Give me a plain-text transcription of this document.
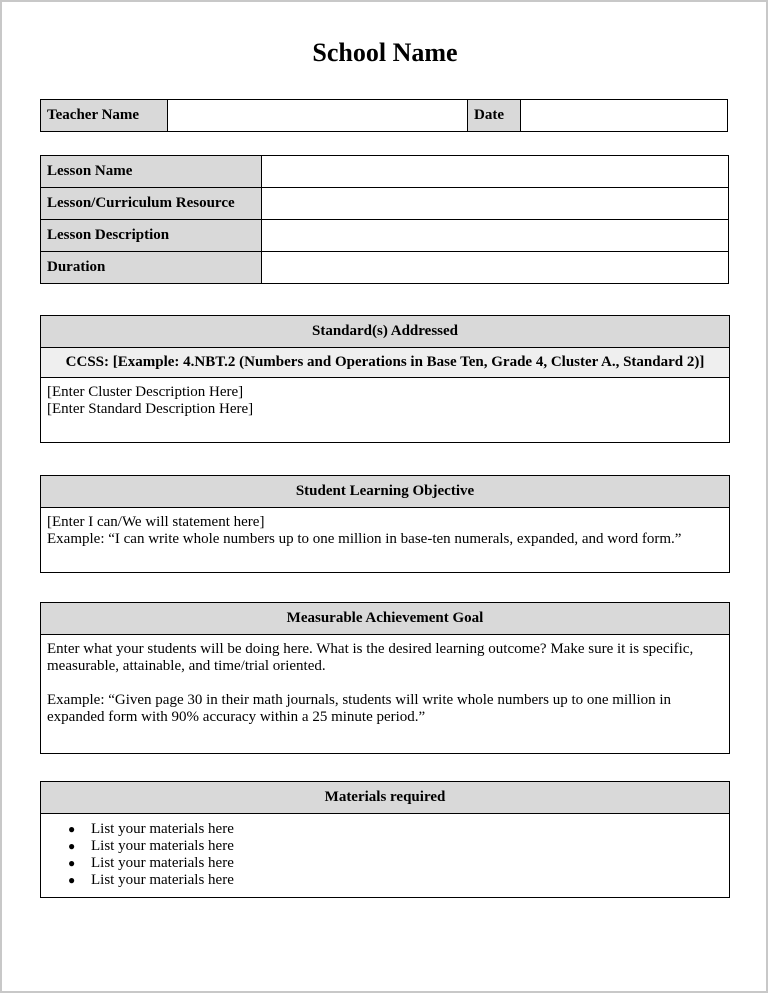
School Name
Teacher Name		Date	
Lesson Name	
Lesson/Curriculum Resource	
Lesson Description	
Duration	
Standard(s) Addressed
CCSS: [Example: 4.NBT.2 (Numbers and Operations in Base Ten, Grade 4, Cluster A., Standard 2)]

[Enter Cluster Description Here]
[Enter Standard Description Here]
Student Learning Objective

[Enter I can/We will statement here]
Example: “I can write whole numbers up to one million in base-ten numerals, expanded, and word form.”
Measurable Achievement Goal

Enter what your students will be doing here. What is the desired learning outcome? Make sure it is specific, measurable, attainable, and time/trial oriented.
Example: “Given page 30 in their math journals, students will write whole numbers up to one million in expanded form with 90% accuracy within a 25 minute period.”
Materials required

● List your materials here
● List your materials here
● List your materials here
● List your materials here
